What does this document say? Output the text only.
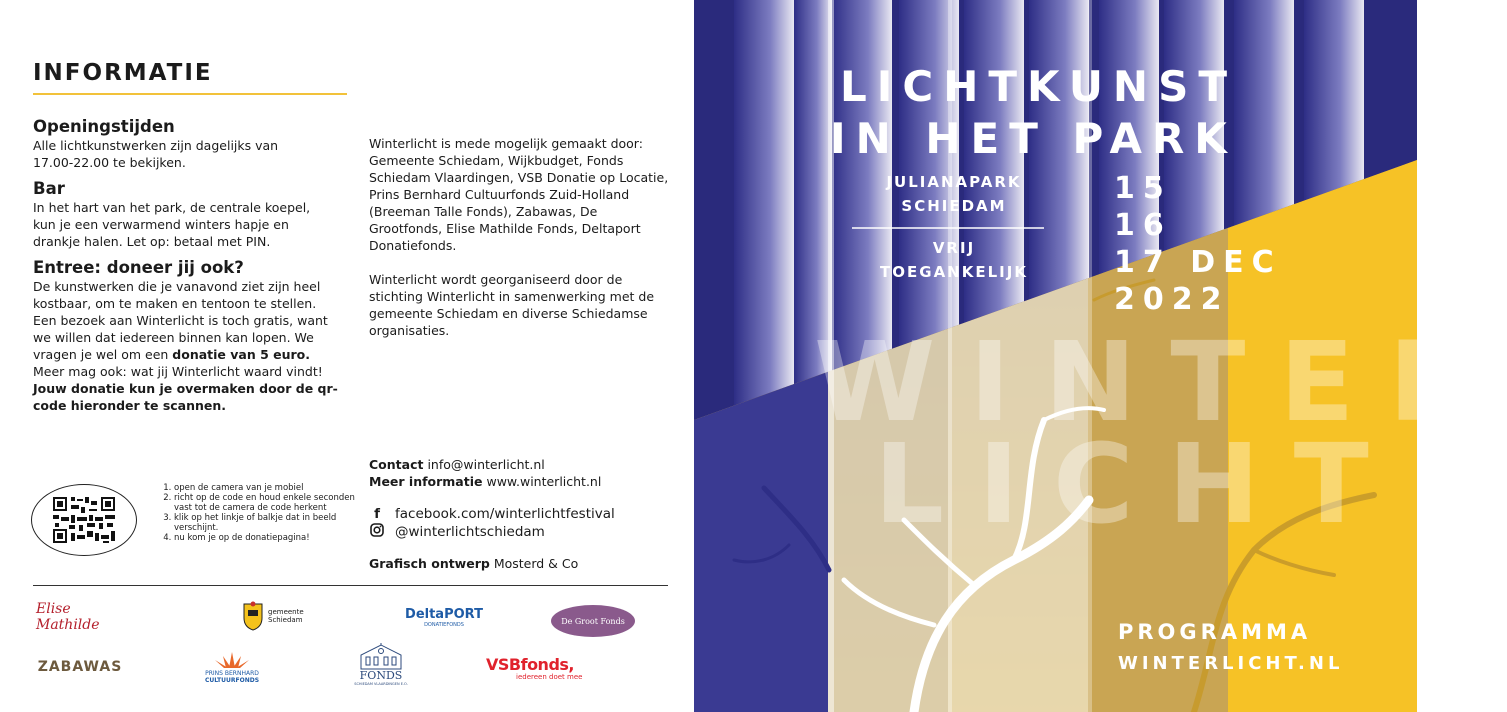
INFORMATIE

Openingstijden

Alle lichtkunstwerken zijn dagelijks van 17.00-22.00 te bekijken.

Bar

In het hart van het park, de centrale koepel, kun je een verwarmend winters hapje en drankje halen. Let op: betaal met PIN.

Entree: doneer jij ook?

De kunstwerken die je vanavond ziet zijn heel kostbaar, om te maken en tentoon te stellen. Een bezoek aan Winterlicht is toch gratis, want we willen dat iedereen binnen kan lopen. We vragen je wel om een donatie van 5 euro. Meer mag ook: wat jij Winterlicht waard vindt!
Jouw donatie kun je overmaken door de qr-code hieronder te scannen.

1. open de camera van je mobiel
2. richt op de code en houd enkele seconden vast tot de camera de code herkent
3. klik op het linkje of balkje dat in beeld verschijnt.
4. nu kom je op de donatiepagina!

Winterlicht is mede mogelijk gemaakt door: Gemeente Schiedam, Wijkbudget, Fonds Schiedam Vlaardingen, VSB Donatie op Locatie, Prins Bernhard Cultuurfonds Zuid-Holland (Breeman Talle Fonds), Zabawas, De Grootfonds, Elise Mathilde Fonds, Deltaport Donatiefonds.

Winterlicht wordt georganiseerd door de stichting Winterlicht in samenwerking met de gemeente Schiedam en diverse Schiedamse organisaties.

Contact info@winterlicht.nl
Meer informatie www.winterlicht.nl
f	facebook.com/winterlichtfestival
@winterlichtschiedam
Grafisch ontwerp Mosterd & Co
Elise Mathilde
gemeente Schiedam	DeltaPORT
DONATIEFONDS	De Groot Fonds
ZABAWAS	PRINS BERNHARD
CULTUURFONDS	FONDS
SCHIEDAM VLAARDINGEN E.O.
VSBfonds,
iedereen doet mee
WINTER
LICHT
LICHTKUNST
IN HET PARK
JULIANAPARK
SCHIEDAM
VRIJ
TOEGANKELIJK
15
16
17 DEC
2022
PROGRAMMA
WINTERLICHT.NL
